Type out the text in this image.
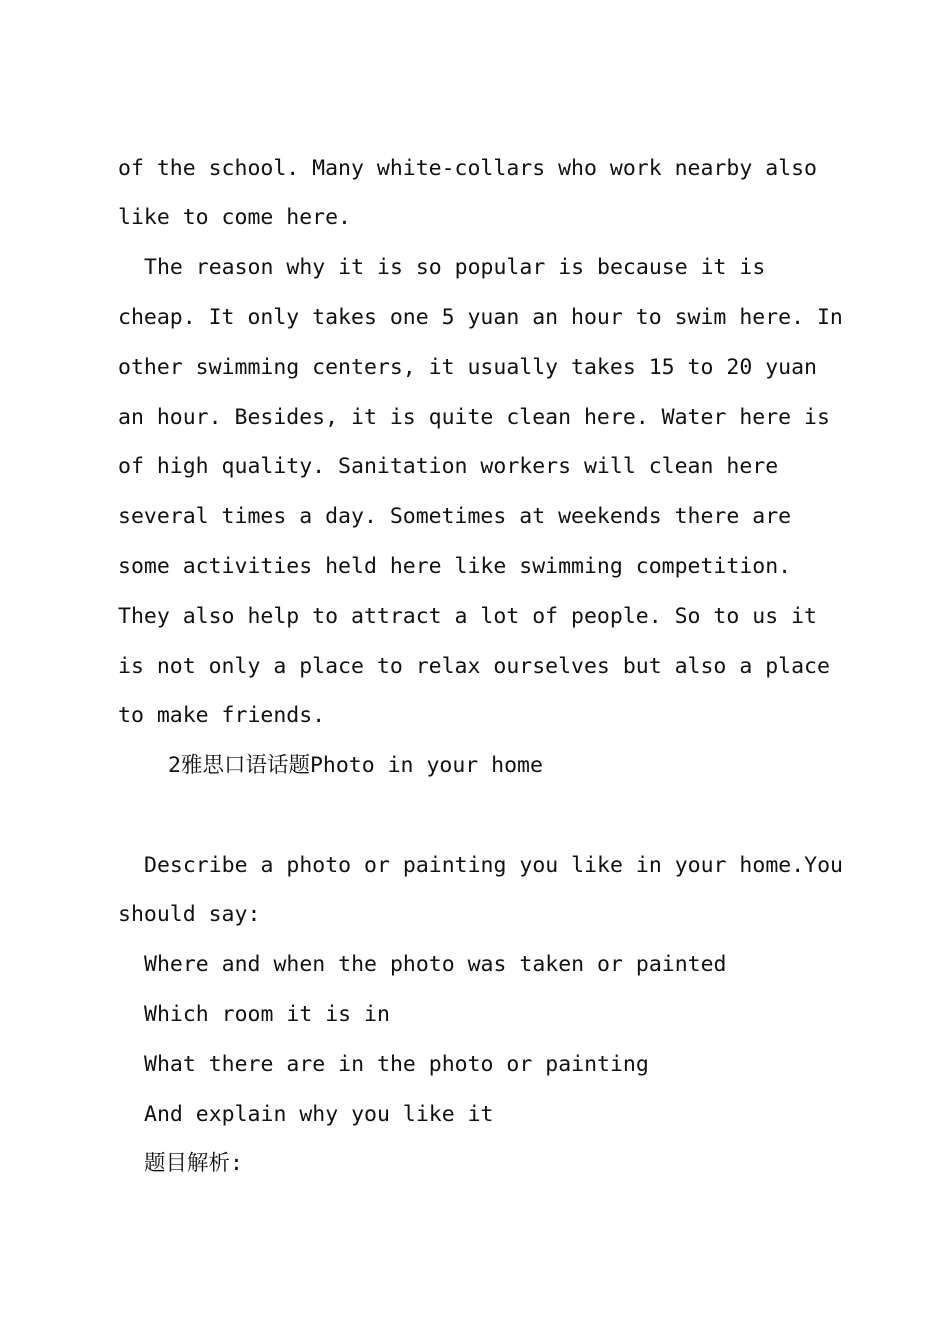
of the school. Many white-collars who work nearby also
like to come here.
The reason why it is so popular is because it is
cheap. It only takes one 5 yuan an hour to swim here. In
other swimming centers, it usually takes 15 to 20 yuan
an hour. Besides, it is quite clean here. Water here is
of high quality. Sanitation workers will clean here
several times a day. Sometimes at weekends there are
some activities held here like swimming competition.
They also help to attract a lot of people. So to us it
is not only a place to relax ourselves but also a place
to make friends.
2雅思口语话题Photo in your home
Describe a photo or painting you like in your home.You
should say:
Where and when the photo was taken or painted
Which room it is in
What there are in the photo or painting
And explain why you like it
题目解析:
